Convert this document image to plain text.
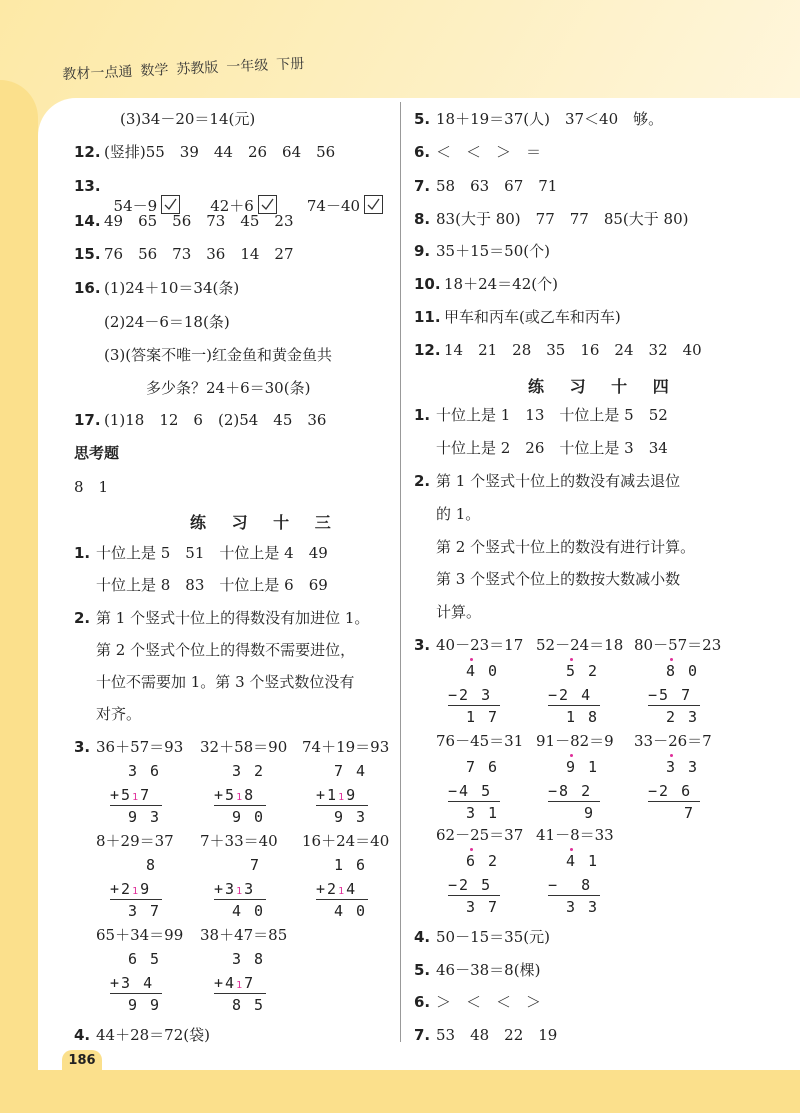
教材一点通 数学 苏教版 一年级 下册
(3)34－20＝14(元)
12. (竖排)55　39　44　26　64　56
13.

54－9
　　	42＋6
　　	74－40

14. 49　65　56　73　45　23
15. 76　56　73　36　14　27
16. (1)24＋10＝34(条)
(2)24－6＝18(条)
(3)(答案不唯一)红金鱼和黄金鱼共
多少条？24＋6＝30(条)
17. (1)18　12　6　(2)54　45　36
思考题
8　1
练 习 十 三
1. 十位上是 5　51　十位上是 4　49
十位上是 8　83　十位上是 6　69
2. 第 1 个竖式十位上的得数没有加进位 1。
第 2 个竖式个位上的得数不需要进位，
十位不需要加 1。第 3 个竖式数位没有
对齐。
3. 36＋57＝93 32＋58＝90 74＋19＝93
3 6
+517
9 3
3 2
+518
9 0
7 4
+119
9 3
8＋29＝37 7＋33＝40 16＋24＝40
8
+219
3 7
7
+313
4 0
1 6
+214
4 0
65＋34＝99 38＋47＝85
6 5
+3 4
9 9
3 8
+417
8 5
4. 44＋28＝72(袋)
5. 18＋19＝37(人)　37＜40　够。
6. ＜　＜　＞　＝
7. 58　63　67　71
8. 83(大于 80)　77　77　85(大于 80)
9. 35＋15＝50(个)
10. 18＋24＝42(个)
11. 甲车和丙车(或乙车和丙车)
12. 14　21　28　35　16　24　32　40
练 习 十 四
1. 十位上是 1　13　十位上是 5　52
十位上是 2　26　十位上是 3　34
2. 第 1 个竖式十位上的数没有减去退位
的 1。
第 2 个竖式十位上的数没有进行计算。
第 3 个竖式个位上的数按大数减小数
计算。
3. 40－23＝17 52－24＝18 80－57＝23
4 0
−2 3
1 7
5 2
−2 4
1 8
8 0
−5 7
2 3
76－45＝31 91－82＝9 33－26＝7
7 6
−4 5
3 1
9 1
−8 2
9
3 3
−2 6
7
62－25＝37 41－8＝33
6 2
−2 5
3 7
4 1
−  8
3 3
4. 50－15＝35(元)
5. 46－38＝8(棵)
6. ＞　＜　＜　＞
7. 53　48　22　19
186
